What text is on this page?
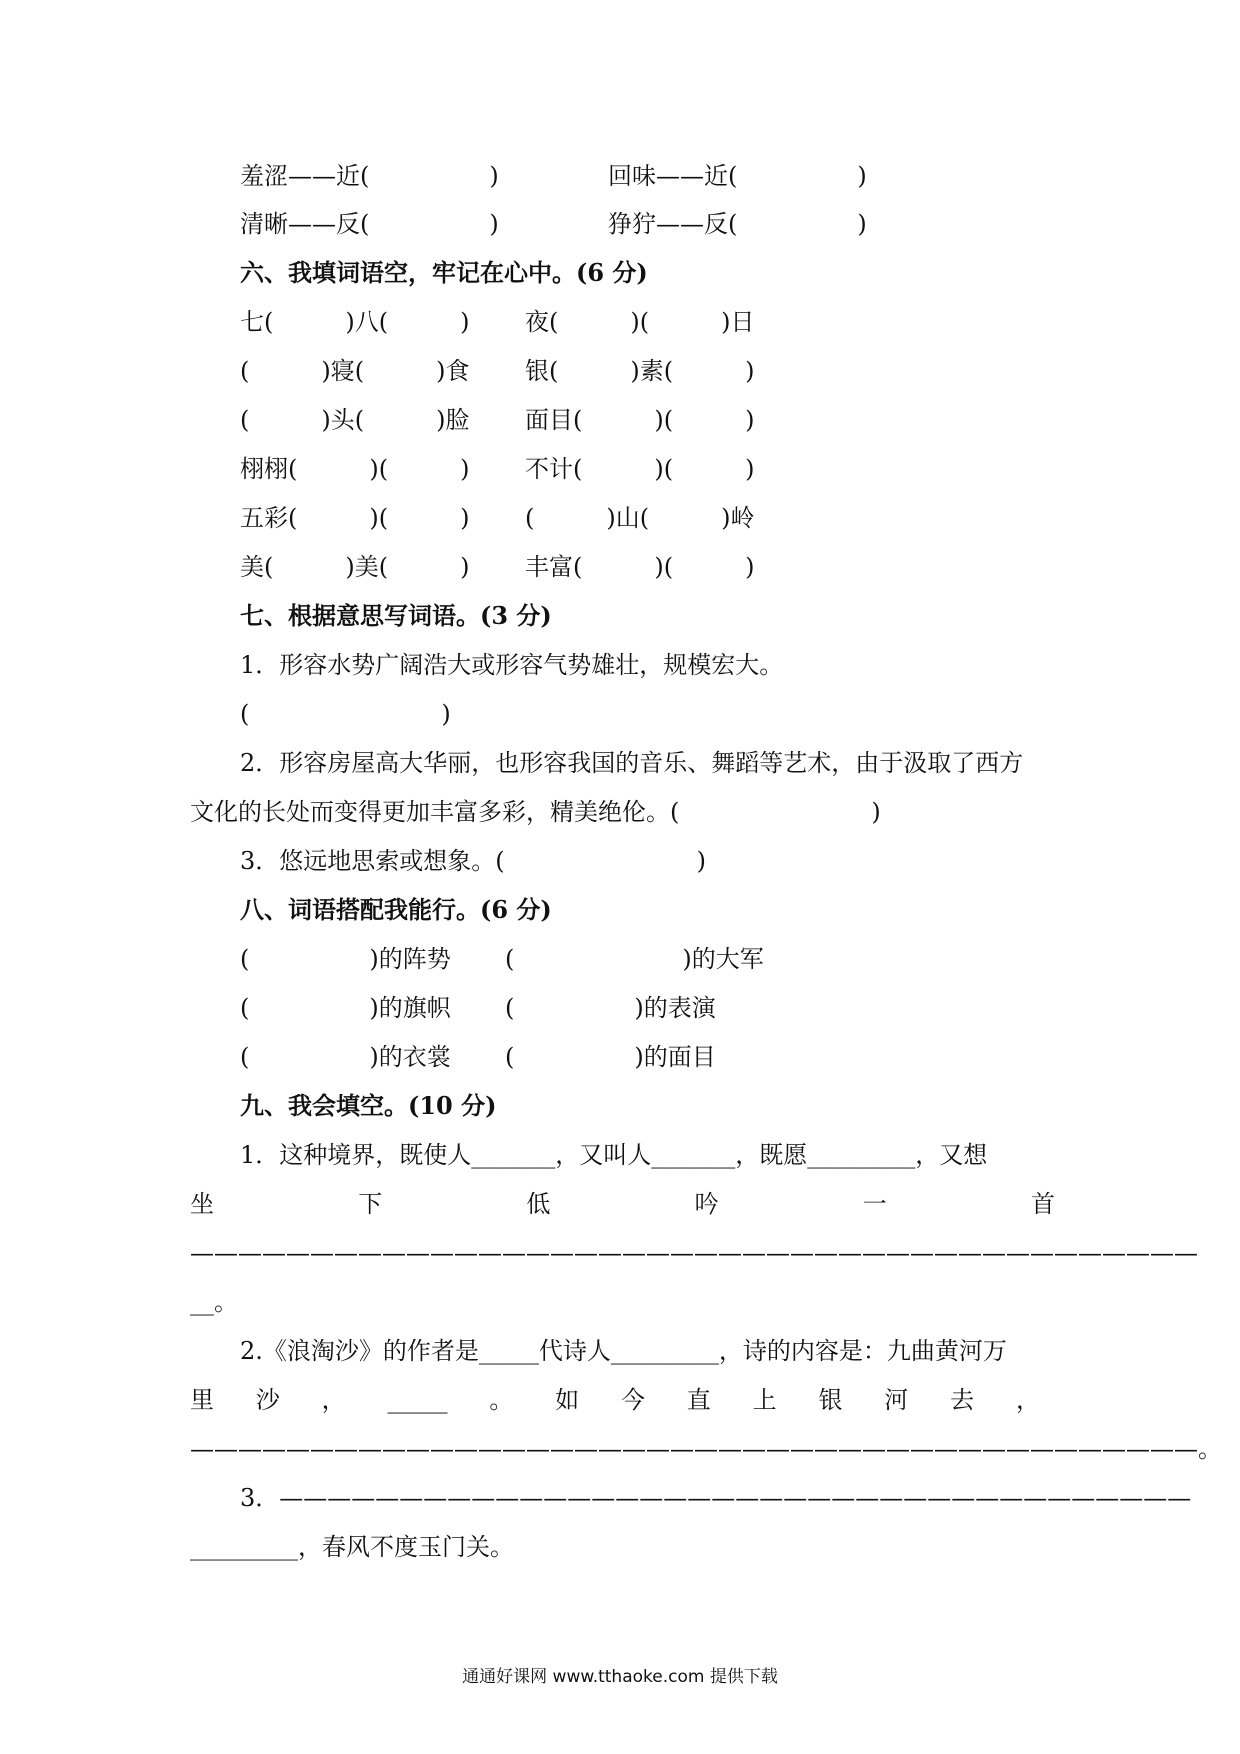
羞涩——近(　　　　　)	回味——近(　　　　　)
清晰——反(　　　　　)	狰狞——反(　　　　　)
六、我填词语空，牢记在心中。(6 分)
七(　　　)八(　　　) 夜(　　　)(　　　)日
(　　　)寝(　　　)食 银(　　　)素(　　　)
(　　　)头(　　　)脸 面目(　　　)(　　　)
栩栩(　　　)(　　　) 不计(　　　)(　　　)
五彩(　　　)(　　　) (　　　)山(　　　)岭
美(　　　)美(　　　) 丰富(　　　)(　　　)
七、根据意思写词语。(3 分)
1．形容水势广阔浩大或形容气势雄壮，规模宏大。
(　　　　　　　　)
2．形容房屋高大华丽，也形容我国的音乐、舞蹈等艺术，由于汲取了西方
文化的长处而变得更加丰富多彩，精美绝伦。(　　　　　　　　)
3．悠远地思索或想象。(　　　　　　　　)
八、词语搭配我能行。(6 分)
(　　　　　)的阵势 (　　　　　　　)的大军
(　　　　　)的旗帜 (　　　　　)的表演
(　　　　　)的衣裳 (　　　　　)的面目
九、我会填空。(10 分)
1．这种境界，既使人_______，又叫人_______，既愿_________，又想
坐	下	低	吟	一	首
——————————————————————————————————————————
__。
2.《浪淘沙》的作者是_____代诗人_________，诗的内容是：九曲黄河万
里 沙 ， _____ 。 如 今 直 上 银 河 去 ，
——————————————————————————————————————————。
3．——————————————————————————————————————
_________，春风不度玉门关。
通通好课网 www.tthaoke.com 提供下载
